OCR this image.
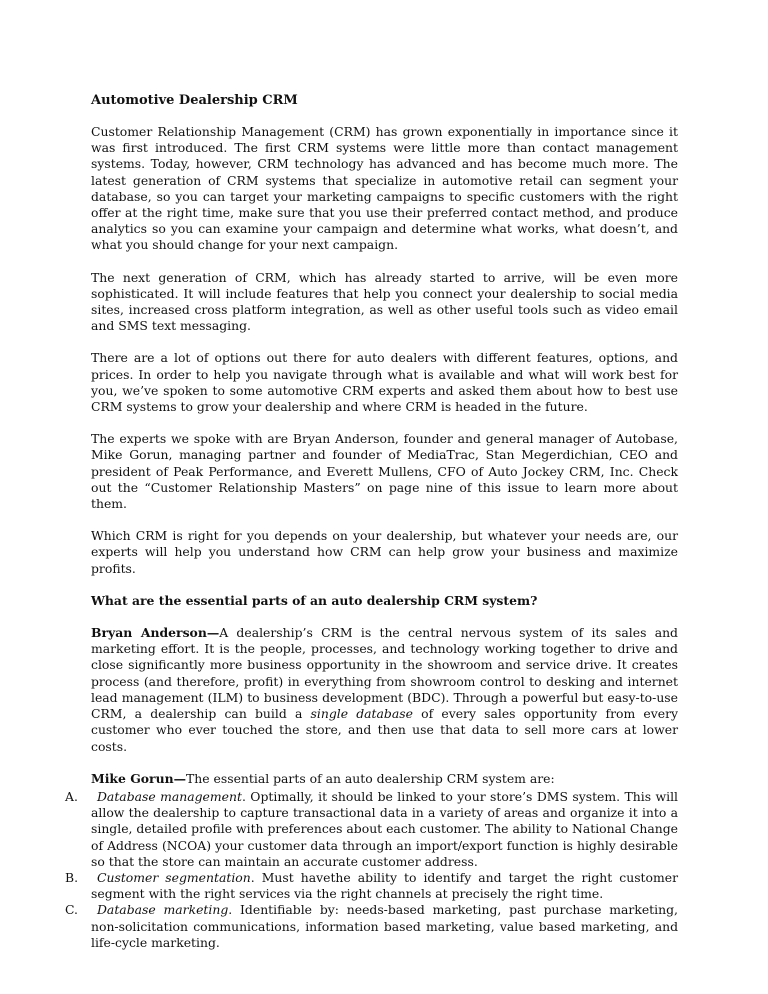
Automotive Dealership CRM

Customer Relationship Management (CRM) has grown exponentially in importance since it was first introduced. The first CRM systems were little more than contact management systems. Today, however, CRM technology has advanced and has become much more. The latest generation of CRM systems that specialize in automotive retail can segment your database, so you can target your marketing campaigns to specific customers with the right offer at the right time, make sure that you use their preferred contact method, and produce analytics so you can examine your campaign and determine what works, what doesn’t, and what you should change for your next campaign.

The next generation of CRM, which has already started to arrive, will be even more sophisticated. It will include features that help you connect your dealership to social media sites, increased cross platform integration, as well as other useful tools such as video email and SMS text messaging.

There are a lot of options out there for auto dealers with different features, options, and prices. In order to help you navigate through what is available and what will work best for you, we’ve spoken to some automotive CRM experts and asked them about how to best use CRM systems to grow your dealership and where CRM is headed in the future.

The experts we spoke with are Bryan Anderson, founder and general manager of Autobase, Mike Gorun, managing partner and founder of MediaTrac, Stan Megerdichian, CEO and president of Peak Performance, and Everett Mullens, CFO of Auto Jockey CRM, Inc. Check out the “Customer Relationship Masters” on page nine of this issue to learn more about them.

Which CRM is right for you depends on your dealership, but whatever your needs are, our experts will help you understand how CRM can help grow your business and maximize profits.

What are the essential parts of an auto dealership CRM system?

Bryan Anderson—A dealership’s CRM is the central nervous system of its sales and marketing effort. It is the people, processes, and technology working together to drive and close significantly more business opportunity in the showroom and service drive. It creates process (and therefore, profit) in everything from showroom control to desking and internet lead management (ILM) to business development (BDC). Through a powerful but easy-to-use CRM, a dealership can build a single database of every sales opportunity from every customer who ever touched the store, and then use that data to sell more cars at lower costs.

Mike Gorun—The essential parts of an auto dealership CRM system are:

A. Database management. Optimally, it should be linked to your store’s DMS system. This will allow the dealership to capture transactional data in a variety of areas and organize it into a single, detailed profile with preferences about each customer. The ability to National Change of Address (NCOA) your customer data through an import/export function is highly desirable so that the store can maintain an accurate customer address.
B. Customer segmentation. Must havethe ability to identify and target the right customer segment with the right services via the right channels at precisely the right time.
C. Database marketing. Identifiable by: needs-based marketing, past purchase marketing, non-solicitation communications, information based marketing, value based marketing, and life-cycle marketing.
